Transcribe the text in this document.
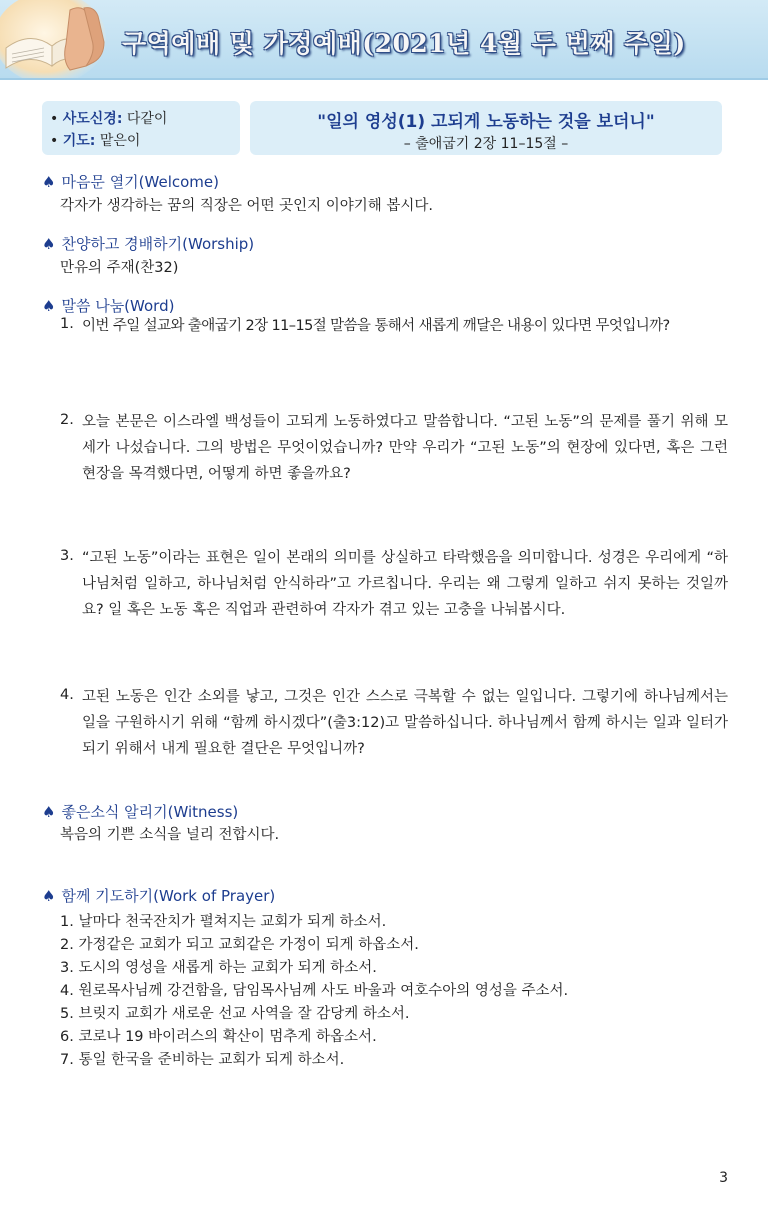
구역예배 및 가정예배(2021년 4월 두 번째 주일)
• 사도신경: 다같이
• 기도: 맡은이
"일의 영성(1) 고되게 노동하는 것을 보더니"
– 출애굽기 2장 11–15절 –
♠ 마음문 열기(Welcome)
각자가 생각하는 꿈의 직장은 어떤 곳인지 이야기해 봅시다.
♠ 찬양하고 경배하기(Worship)
만유의 주재(찬32)
♠ 말씀 나눔(Word)
1. 이번 주일 설교와 출애굽기 2장 11–15절 말씀을 통해서 새롭게 깨달은 내용이 있다면 무엇입니까?
2. 오늘 본문은 이스라엘 백성들이 고되게 노동하였다고 말씀합니다. “고된 노동”의 문제를 풀기 위해 모세가 나섰습니다. 그의 방법은 무엇이었습니까? 만약 우리가 “고된 노동”의 현장에 있다면, 혹은 그런 현장을 목격했다면, 어떻게 하면 좋을까요?
3. “고된 노동”이라는 표현은 일이 본래의 의미를 상실하고 타락했음을 의미합니다. 성경은 우리에게 “하나님처럼 일하고, 하나님처럼 안식하라”고 가르칩니다. 우리는 왜 그렇게 일하고 쉬지 못하는 것일까요? 일 혹은 노동 혹은 직업과 관련하여 각자가 겪고 있는 고충을 나눠봅시다.
4. 고된 노동은 인간 소외를 낳고, 그것은 인간 스스로 극복할 수 없는 일입니다. 그렇기에 하나님께서는 일을 구원하시기 위해 “함께 하시겠다”(출3:12)고 말씀하십니다. 하나님께서 함께 하시는 일과 일터가 되기 위해서 내게 필요한 결단은 무엇입니까?
♠ 좋은소식 알리기(Witness)
복음의 기쁜 소식을 널리 전합시다.
♠ 함께 기도하기(Work of Prayer)
1. 날마다 천국잔치가 펼쳐지는 교회가 되게 하소서.
2. 가정같은 교회가 되고 교회같은 가정이 되게 하옵소서.
3. 도시의 영성을 새롭게 하는 교회가 되게 하소서.
4. 원로목사님께 강건함을, 담임목사님께 사도 바울과 여호수아의 영성을 주소서.
5. 브릿지 교회가 새로운 선교 사역을 잘 감당케 하소서.
6. 코로나 19 바이러스의 확산이 멈추게 하옵소서.
7. 통일 한국을 준비하는 교회가 되게 하소서.
3
